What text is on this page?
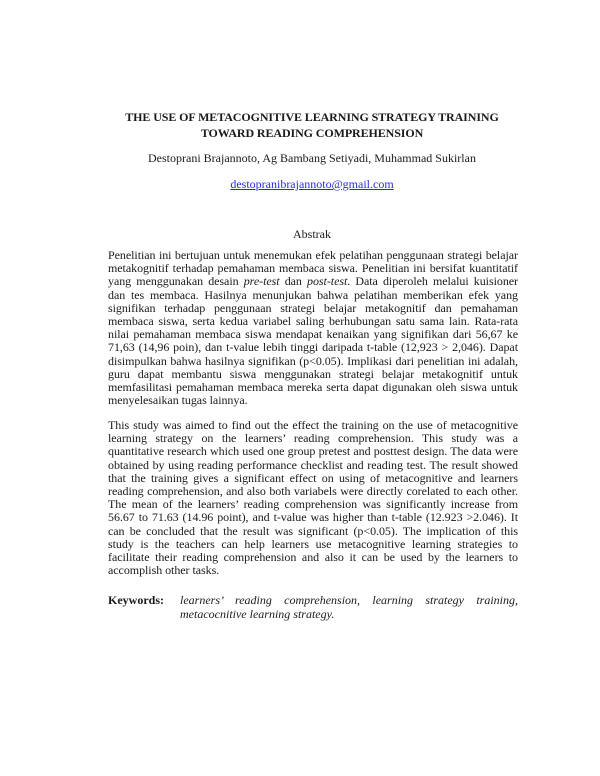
THE USE OF METACOGNITIVE LEARNING STRATEGY TRAINING
TOWARD READING COMPREHENSION
Destoprani Brajannoto, Ag Bambang Setiyadi, Muhammad Sukirlan
destopranibrajannoto@gmail.com
Abstrak
Penelitian ini bertujuan untuk menemukan efek pelatihan penggunaan strategi belajar
metakognitif terhadap pemahaman membaca siswa. Penelitian ini bersifat kuantitatif
yang menggunakan desain pre-test dan post-test. Data diperoleh melalui kuisioner
dan tes membaca. Hasilnya menunjukan bahwa pelatihan memberikan efek yang
signifikan terhadap penggunaan strategi belajar metakognitif dan pemahaman
membaca siswa, serta kedua variabel saling berhubungan satu sama lain. Rata-rata
nilai pemahaman membaca siswa mendapat kenaikan yang signifikan dari 56,67 ke
71,63 (14,96 poin), dan t-value lebih tinggi daripada t-table (12,923 > 2,046). Dapat
disimpulkan bahwa hasilnya signifikan (p<0.05). Implikasi dari penelitian ini adalah,
guru dapat membantu siswa menggunakan strategi belajar metakognitif untuk
memfasilitasi pemahaman membaca mereka serta dapat digunakan oleh siswa untuk
menyelesaikan tugas lainnya.
This study was aimed to find out the effect the training on the use of metacognitive
learning strategy on the learners’ reading comprehension. This study was a
quantitative research which used one group pretest and posttest design. The data were
obtained by using reading performance checklist and reading test. The result showed
that the training gives a significant effect on using of metacognitive and learners
reading comprehension, and also both variabels were directly corelated to each other.
The mean of the learners’ reading comprehension was significantly increase from
56.67 to 71.63 (14.96 point), and t-value was higher than t-table (12.923 >2.046). It
can be concluded that the result was significant (p<0.05). The implication of this
study is the teachers can help learners use metacognitive learning strategies to
facilitate their reading comprehension and also it can be used by the learners to
accomplish other tasks.
Keywords: learners’ reading comprehension, learning strategy training,
metacocnitive learning strategy.
